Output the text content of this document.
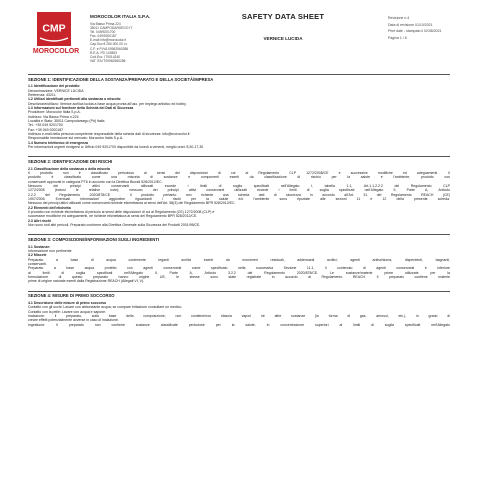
CMP
MOROCOLOR
MOROCOLOR ITALIA S.P.A.
Via Basso Prima 224
35011 CAMPODARSEGO IT
Tel. 049/9201700
Fax. 049/9200187
E-mail info@morocolor.it
Cap.Soc.€ 260.000,00 i.v.
C.F. e P.IVA 00962560286
R.E.A. PD 143553
Cod.Ecc. IT0014240
VAT ITA IT00962560286
SAFETY DATA SHEET
VERNICE LUCIDA
Revisione n.4
Data di revisione 01/10/2021
Print date - stampato il 02/08/2021
Pagina 1 / 6
SEZIONE 1: IDENTIFICAZIONE DELLA SOSTANZA/PREPARATO E DELLA SOCIETÀ/IMPRESA
1.1 Identificazione del prodotto
Denominazione: VERNICE LUCIDA
Referenza: 4321L
1.2 Utilizzi identificati pertinenti alla sostanza o miscela:
Descrizione/utilizzo: Vernice acrilica lucida a base acqua pronta all'uso, per impiego artistico ed hobby.
1.3 Informazioni sul fornitore della Scheda dei Dati di Sicurezza
Produttore: Morocolor Italia S.p.A.
Indirizzo: Via Basso Prima n.224
Località e Stato: 35011 Campodarsego (Pd) Italia
Tel.: +39 049 9201700
Fax: +39 049 9200187
Indirizzo e-mail della persona competente responsabile della scheda dati di sicurezza: info@morocolor.it
Responsabile immissione sul mercato: Morocolor Italia S.p.A.
1.4 Numero telefonico di emergenza
Per informazioni urgenti rivolgersi a: Ufficio 049 9201700 disponibile da lunedì a venerdì, meglio orari: 8,30-17,30
SEZIONE 2: IDENTIFICAZIONE DEI RISCHI
2.1 Classificazione della sostanza o della miscela
Il prodotto non è classificato pericoloso ai sensi dei disposizioni di cui al Regolamento CLP 1272/2008/CE e successive modifiche ed adeguamenti. Il
prodotto è classificato come una miscela di sostanze e componenti esenti da classificazione di rischio per la salute e l'ambiente, prodotto con
conservanti approvati in categoria PT6 in accordo con la Direttiva Biocidi 528/2012/EC.
Nessuno dei principi attivi conservanti utilizzati eccede i limiti di soglia specificati nell'Allegato I, tabella 1.1, Art.1.1.2.2.2 del Regolamento CLP
1272/2008 (inclusi le relative note); nessuno dei principi attivi conservanti utilizzati eccede i limiti di soglia specificati nell'Allegato II, Parte A, Articolo
2.2.2 del Regolamento 2020/878/CE . Il prodotto pertanto non richiede una scheda dati di sicurezza in accordo all'Art. 31 del Regolamento REACH (CE)
1907/2006. Eventuali informazioni aggiuntive riguardanti i rischi per la salute e/o l'ambiente sono riportate alle sezioni 11 e 12 della presente scheda.
Nessuno dei principi attivi utilizzati come conservanti richiede etichettatura ai sensi dell'Art. 58(3) del Regolamento BPR 528/2012/EC.
2.2 Elementi dell'etichetta
Il prodotto non richiede etichettatura di pericolo ai sensi delle disposizioni di cui al Regolamento (CE) 1272/2008 (CLP) e
successive modifiche ed adeguamenti, né richiede etichettatura ai sensi del Regolamento BPR 528/2012/CE.
2.3 Altri rischi
Non sono noti altri pericoli. Preparato conforme alla Direttiva Generale sulla Sicurezza dei Prodotti 2001/95/CE.
SEZIONE 3: COMPOSIZIONE/INFORMAZIONI SUGLI INGREDIENTI
3.1 Sostanze:
Informazione non pertinente
3.2 Miscele
Preparato a base di acqua contenente leganti acrilici esenti da monòmeri residuali, addensanti acrilici, agenti antischiuma, disperdenti, bagnanti,
conservanti.
Preparato a base acqua protetto con agenti conservanti come specificato nella successiva Sezione 11.1, il contenuto di agenti conservanti è inferiore
ai limiti di soglia specificati nell'Allegato II, Parte A, Articolo 3.2.2 del Regolamento 2020/878/CE. Le sostanze/materie prime utilizzate per la
formulazione di questo preparato hanno origine UE, le stesse sono state registrate in accordo al Regolamento REACH. Il preparato contiene materie
prime di origine naturale esenti dalla Registrazione REACH (Allegati VI, V).
SEZIONE 4: MISURE DI PRIMO SOCCORSO
4.1 Descrizione delle misure di primo soccorso
Contatto con gli occhi: Lavare con abbondante acqua; se compare irritazione consultare un medico.
Contatto con la pelle: Lavare con acqua e sapone.
Inalazione: il preparato, sulla base della composizione, non contiene/non rilascia vapori né altre sostanze (in forma di gas, aerosol, etc.), in grado di
creare effetti potenzialmente avverse in caso di inalazione.
Ingestione: Il preparato non contiene sostanze classificate pericolose per la salute, in concentrazione superiori ai limiti di soglia specificati nell'Allegato
